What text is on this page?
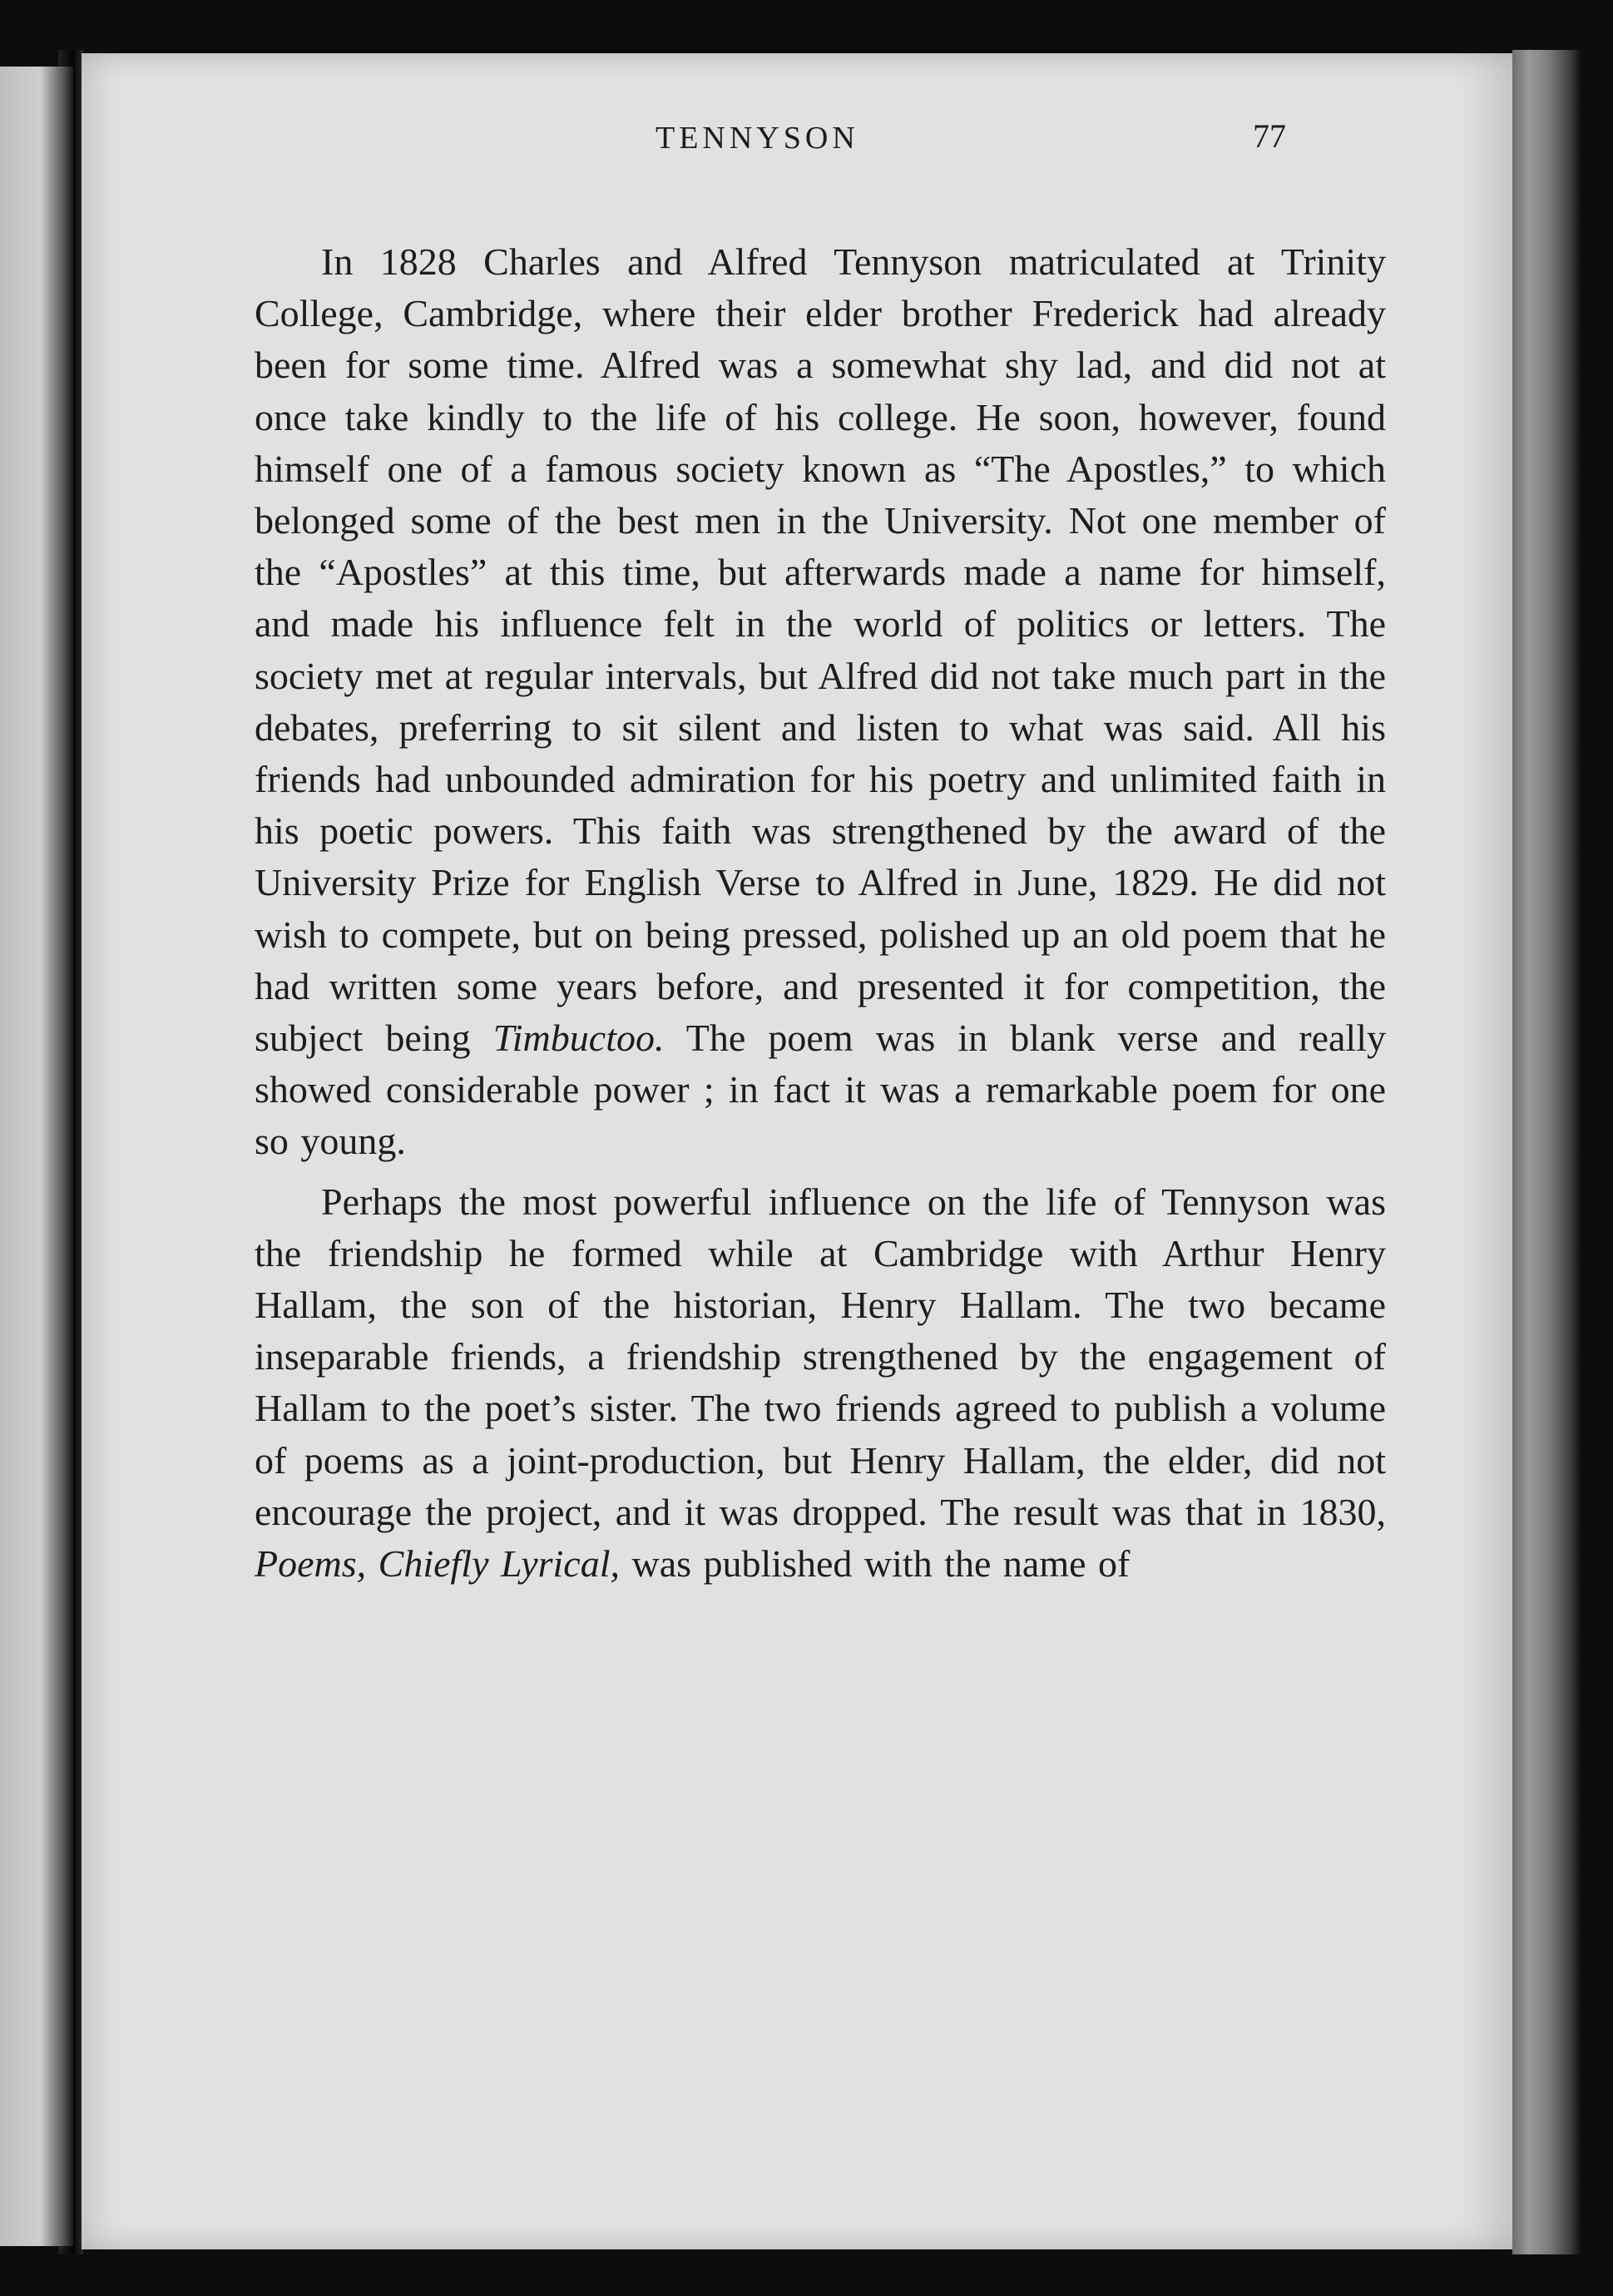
TENNYSON	77

In 1828 Charles and Alfred Tennyson matriculated at Trinity College, Cambridge, where their elder brother Frederick had already been for some time. Alfred was a somewhat shy lad, and did not at once take kindly to the life of his college. He soon, however, found himself one of a famous society known as “The Apostles,” to which belonged some of the best men in the University. Not one member of the “Apostles” at this time, but afterwards made a name for himself, and made his influence felt in the world of politics or letters. The society met at regular intervals, but Alfred did not take much part in the debates, preferring to sit silent and listen to what was said. All his friends had unbounded admiration for his poetry and unlimited faith in his poetic powers. This faith was strengthened by the award of the University Prize for English Verse to Alfred in June, 1829. He did not wish to compete, but on being pressed, polished up an old poem that he had written some years before, and presented it for competition, the subject being Timbuctoo. The poem was in blank verse and really showed considerable power ; in fact it was a remarkable poem for one so young.

Perhaps the most powerful influence on the life of Tennyson was the friendship he formed while at Cambridge with Arthur Henry Hallam, the son of the historian, Henry Hallam. The two became inseparable friends, a friendship strengthened by the engagement of Hallam to the poet’s sister. The two friends agreed to publish a volume of poems as a joint-production, but Henry Hallam, the elder, did not encourage the project, and it was dropped. The result was that in 1830, Poems, Chiefly Lyrical, was published with the name of
